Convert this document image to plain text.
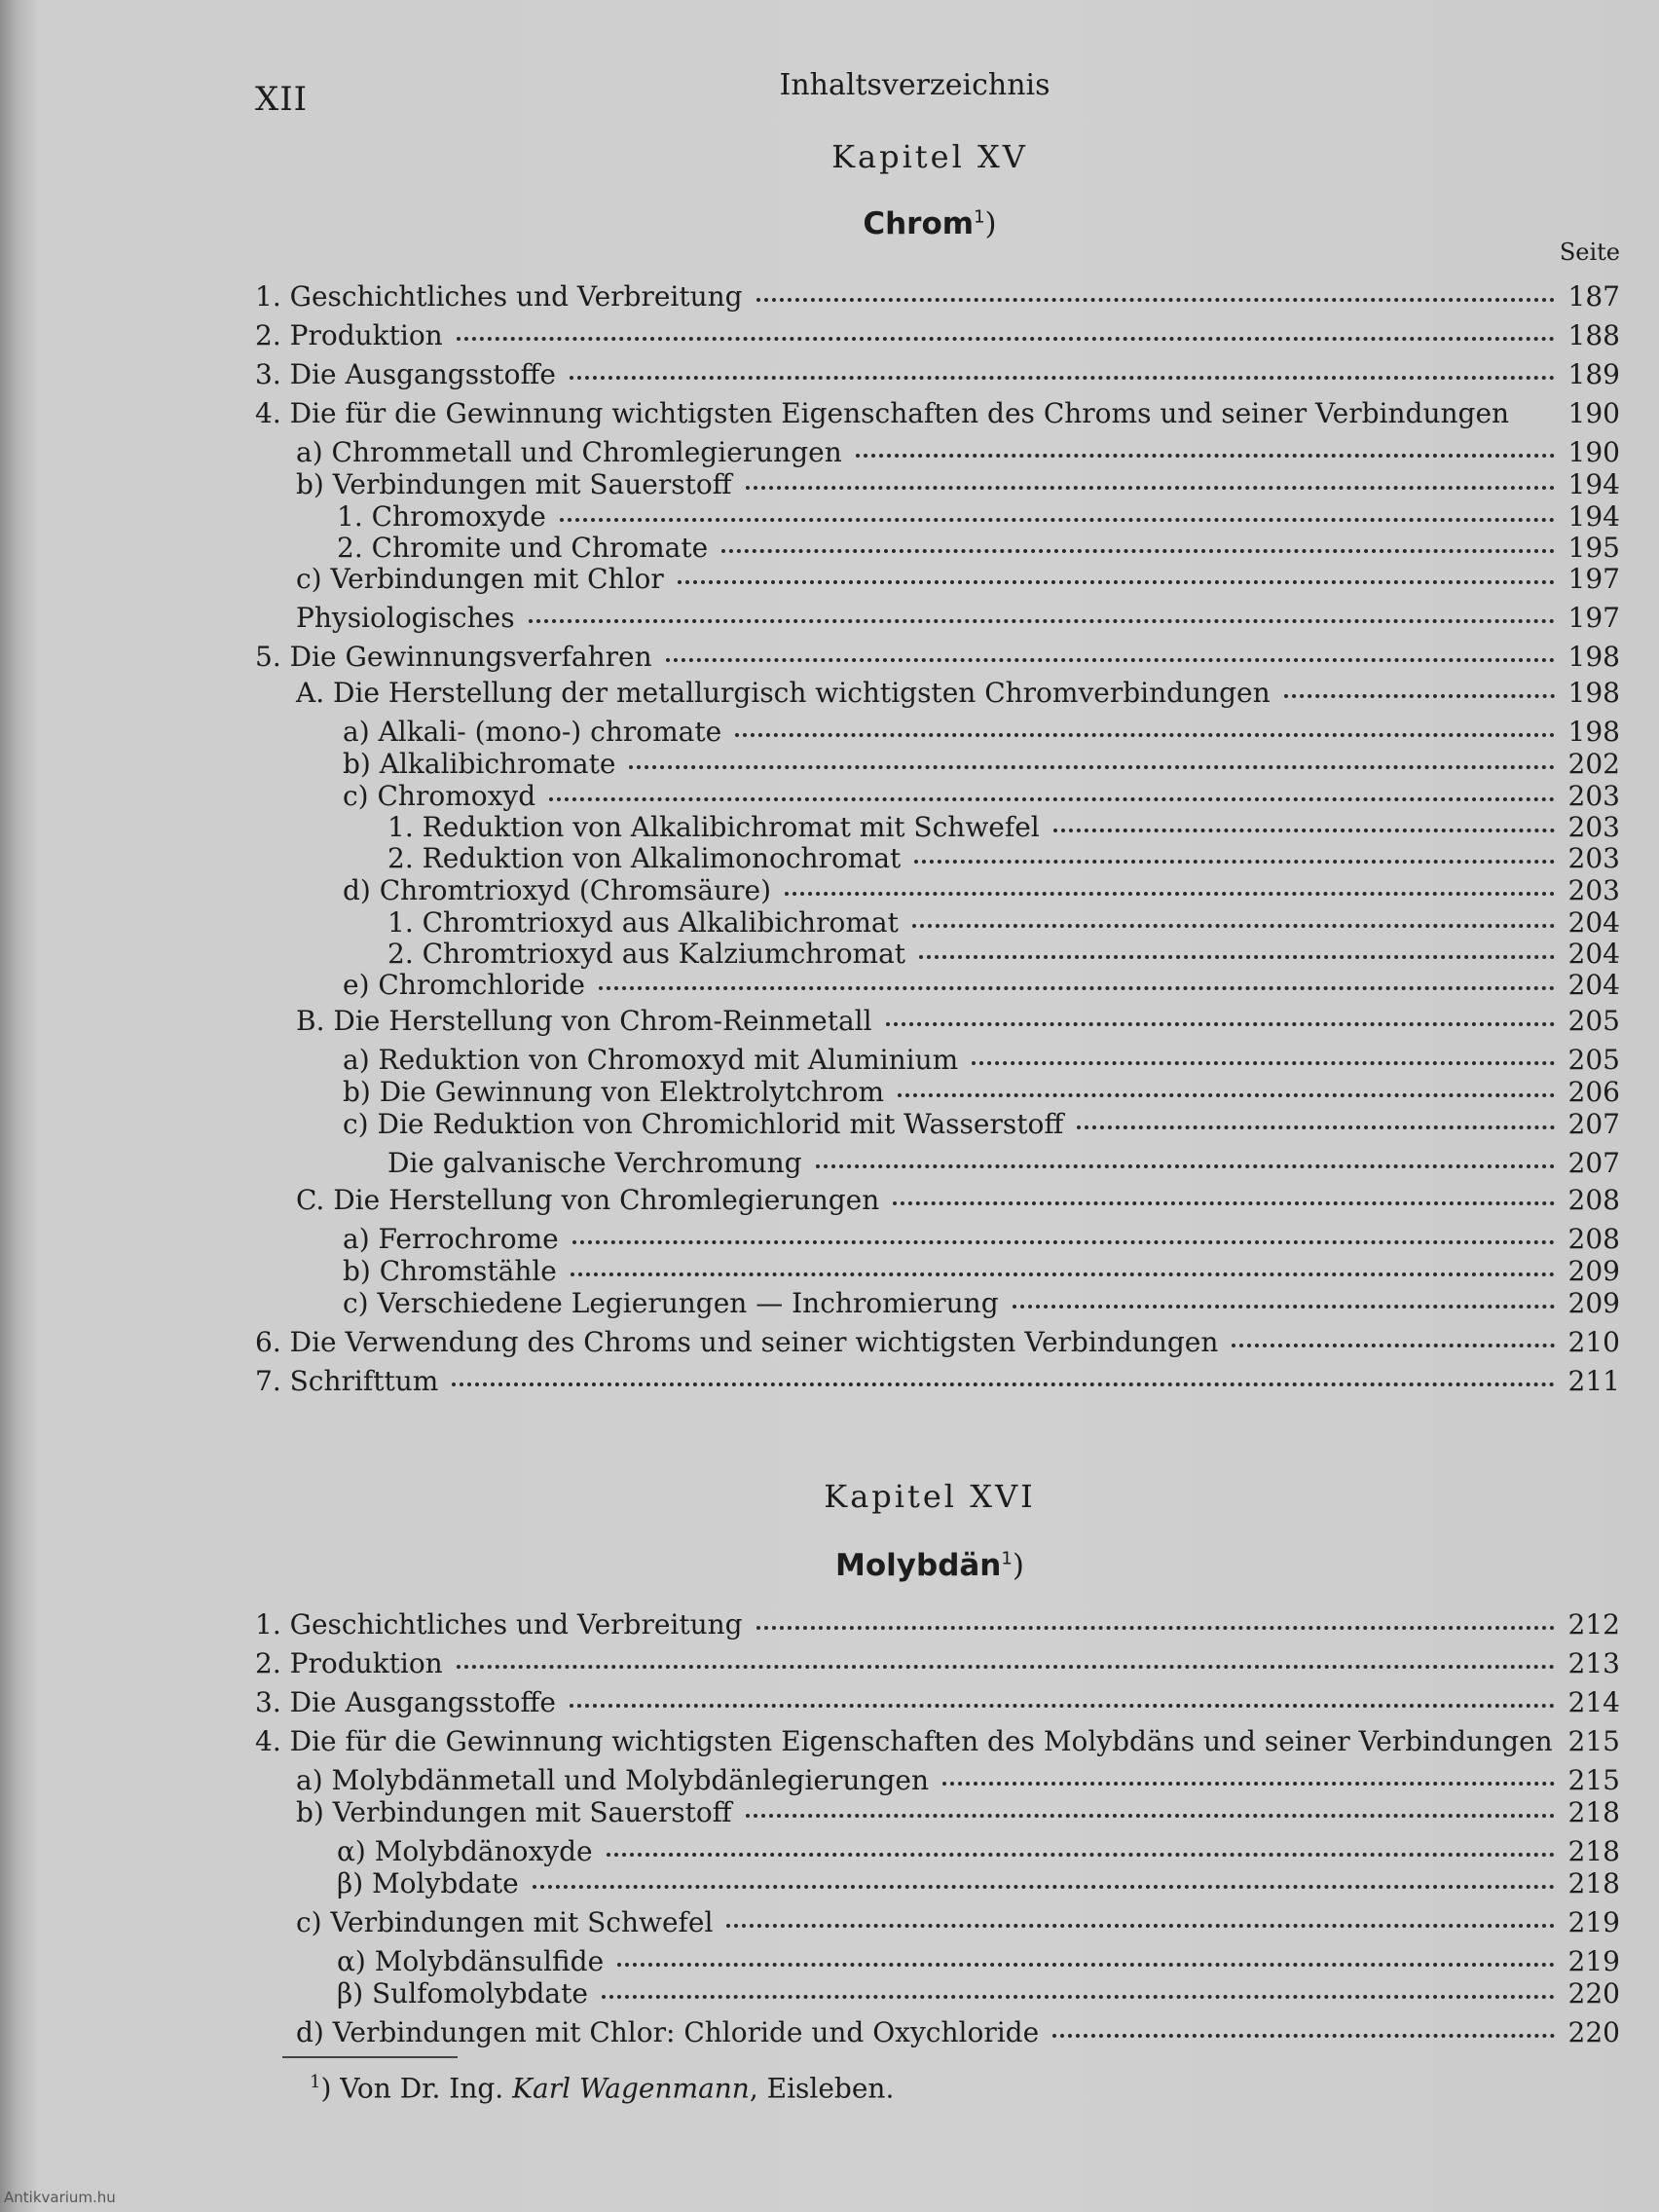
XII	Inhaltsverzeichnis
Kapitel XV
Chrom$^1$)
Seite
1. Geschichtliches und Verbreitung	187
2. Produktion	188
3. Die Ausgangsstoffe	189
4. Die für die Gewinnung wichtigsten Eigenschaften des Chroms und seiner Verbindungen 190
a) Chrommetall und Chromlegierungen	190
b) Verbindungen mit Sauerstoff	194
1. Chromoxyde	194
2. Chromite und Chromate	195
c) Verbindungen mit Chlor	197
Physiologisches	197
5. Die Gewinnungsverfahren	198
A. Die Herstellung der metallurgisch wichtigsten Chromverbindungen	198
a) Alkali- (mono-) chromate	198
b) Alkalibichromate	202
c) Chromoxyd	203
1. Reduktion von Alkalibichromat mit Schwefel	203
2. Reduktion von Alkalimonochromat	203
d) Chromtrioxyd (Chromsäure)	203
1. Chromtrioxyd aus Alkalibichromat	204
2. Chromtrioxyd aus Kalziumchromat	204
e) Chromchloride	204
B. Die Herstellung von Chrom-Reinmetall	205
a) Reduktion von Chromoxyd mit Aluminium	205
b) Die Gewinnung von Elektrolytchrom	206
c) Die Reduktion von Chromichlorid mit Wasserstoff	207
Die galvanische Verchromung	207
C. Die Herstellung von Chromlegierungen	208
a) Ferrochrome	208
b) Chromstähle	209
c) Verschiedene Legierungen — Inchromierung	209
6. Die Verwendung des Chroms und seiner wichtigsten Verbindungen	210
7. Schrifttum	211
Kapitel XVI
Molybdän$^1$)
1. Geschichtliches und Verbreitung	212
2. Produktion	213
3. Die Ausgangsstoffe	214
4. Die für die Gewinnung wichtigsten Eigenschaften des Molybdäns und seiner Verbindungen 215
a) Molybdänmetall und Molybdänlegierungen	215
b) Verbindungen mit Sauerstoff	218
α) Molybdänoxyde	218
β) Molybdate	218
c) Verbindungen mit Schwefel	219
α) Molybdänsulfide	219
β) Sulfomolybdate	220
d) Verbindungen mit Chlor: Chloride und Oxychloride	220
$^1$) Von Dr. Ing. Karl Wagenmann, Eisleben.
Antikvarium.hu
